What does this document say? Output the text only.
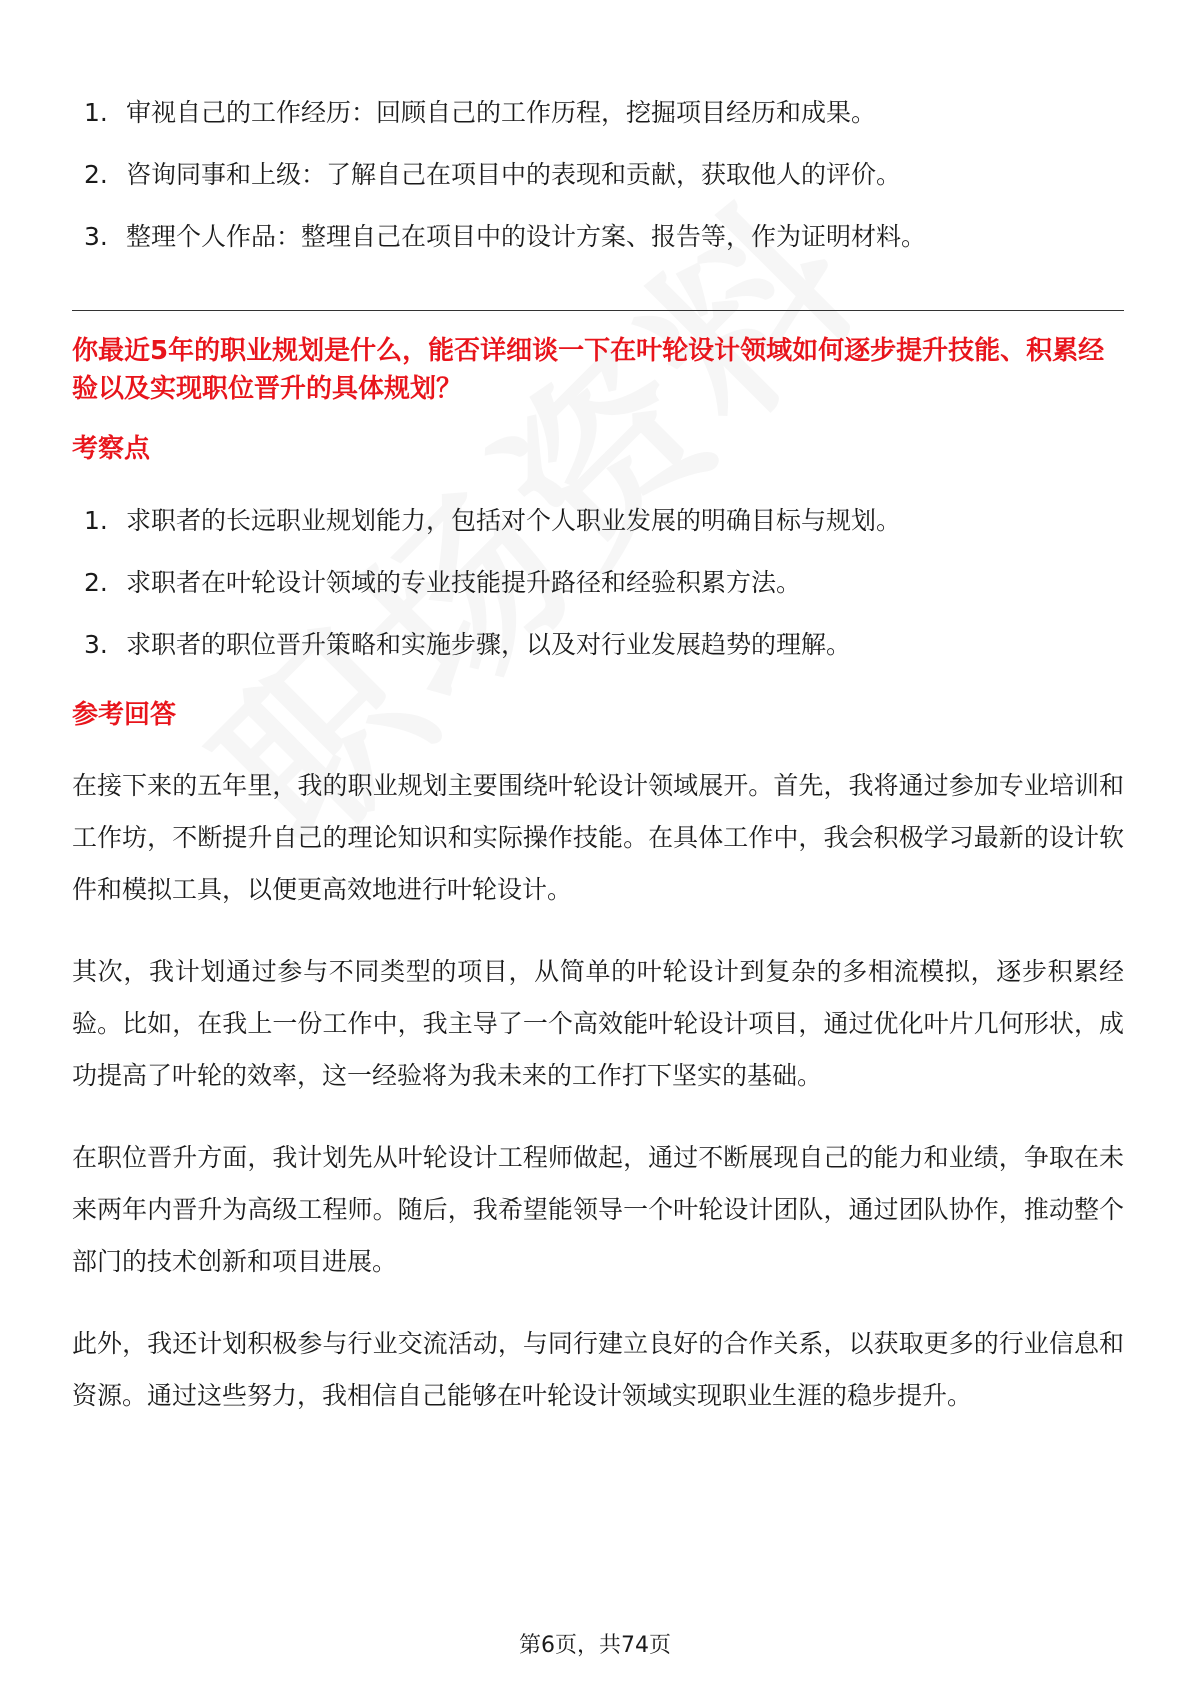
1. 审视自己的工作经历：回顾自己的工作历程，挖掘项目经历和成果。
2. 咨询同事和上级：了解自己在项目中的表现和贡献，获取他人的评价。
3. 整理个人作品：整理自己在项目中的设计方案、报告等，作为证明材料。
你最近5年的职业规划是什么，能否详细谈一下在叶轮设计领域如何逐步提升技能、积累经验以及实现职位晋升的具体规划？
考察点
1. 求职者的长远职业规划能力，包括对个人职业发展的明确目标与规划。
2. 求职者在叶轮设计领域的专业技能提升路径和经验积累方法。
3. 求职者的职位晋升策略和实施步骤，以及对行业发展趋势的理解。
参考回答

在接下来的五年里，我的职业规划主要围绕叶轮设计领域展开。首先，我将通过参加专业培训和工作坊，不断提升自己的理论知识和实际操作技能。在具体工作中，我会积极学习最新的设计软件和模拟工具，以便更高效地进行叶轮设计。

其次，我计划通过参与不同类型的项目，从简单的叶轮设计到复杂的多相流模拟，逐步积累经验。比如，在我上一份工作中，我主导了一个高效能叶轮设计项目，通过优化叶片几何形状，成功提高了叶轮的效率，这一经验将为我未来的工作打下坚实的基础。

在职位晋升方面，我计划先从叶轮设计工程师做起，通过不断展现自己的能力和业绩，争取在未来两年内晋升为高级工程师。随后，我希望能领导一个叶轮设计团队，通过团队协作，推动整个部门的技术创新和项目进展。

此外，我还计划积极参与行业交流活动，与同行建立良好的合作关系，以获取更多的行业信息和资源。通过这些努力，我相信自己能够在叶轮设计领域实现职业生涯的稳步提升。

第6页，共74页
